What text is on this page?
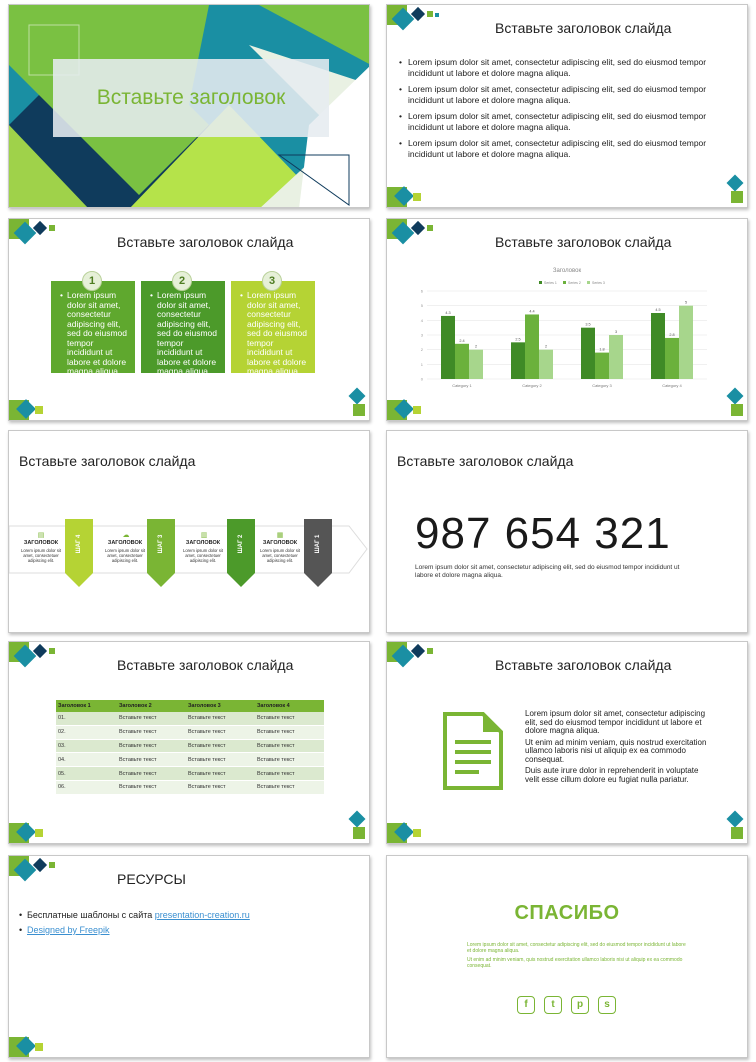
Вставьте заголовок
Вставьте заголовок слайда
• Lorem ipsum dolor sit amet, consectetur adipiscing elit, sed do eiusmod tempor incididunt ut labore et dolore magna aliqua.
• Lorem ipsum dolor sit amet, consectetur adipiscing elit, sed do eiusmod tempor incididunt ut labore et dolore magna aliqua.
• Lorem ipsum dolor sit amet, consectetur adipiscing elit, sed do eiusmod tempor incididunt ut labore et dolore magna aliqua.
• Lorem ipsum dolor sit amet, consectetur adipiscing elit, sed do eiusmod tempor incididunt ut labore et dolore magna aliqua.
Вставьте заголовок слайда
1
• Lorem ipsum dolor sit amet, consectetur adipiscing elit, sed do eiusmod tempor incididunt ut labore et dolore magna aliqua.
2
• Lorem ipsum dolor sit amet, consectetur adipiscing elit, sed do eiusmod tempor incididunt ut labore et dolore magna aliqua.
3
• Lorem ipsum dolor sit amet, consectetur adipiscing elit, sed do eiusmod tempor incididunt ut labore et dolore magna aliqua.
Вставьте заголовок слайда
Заголовок
Series 1	Series 2	Series 3
0
1
2
3
4
5
6
4.3
2.4
2
Category 1
2.5
4.4
2
Category 2
3.5
1.8
3
Category 3
4.5
2.8
5
Category 4
Вставьте заголовок слайда
ШАГ 4	ШАГ 3	ШАГ 2	ШАГ 1
▤	☁	▥	▦
ЗАГОЛОВОК
Lorem ipsum dolor sit amet, consectetuer adipiscing elit.
ЗАГОЛОВОК
Lorem ipsum dolor sit amet, consectetuer adipiscing elit.
ЗАГОЛОВОК
Lorem ipsum dolor sit amet, consectetuer adipiscing elit.
ЗАГОЛОВОК
Lorem ipsum dolor sit amet, consectetuer adipiscing elit.
Вставьте заголовок слайда
987 654 321
Lorem ipsum dolor sit amet, consectetur adipiscing elit, sed do eiusmod tempor incididunt ut labore et dolore magna aliqua.
Вставьте заголовок слайда
Заголовок 1	Заголовок 2	Заголовок 3	Заголовок 4
01.	Вставьте текст	Вставьте текст	Вставьте текст
02.	Вставьте текст	Вставьте текст	Вставьте текст
03.	Вставьте текст	Вставьте текст	Вставьте текст
04.	Вставьте текст	Вставьте текст	Вставьте текст
05.	Вставьте текст	Вставьте текст	Вставьте текст
06.	Вставьте текст	Вставьте текст	Вставьте текст
Вставьте заголовок слайда

Lorem ipsum dolor sit amet, consectetur adipiscing elit, sed do eiusmod tempor incididunt ut labore et dolore magna aliqua.

Ut enim ad minim veniam, quis nostrud exercitation ullamco laboris nisi ut aliquip ex ea commodo consequat.

Duis aute irure dolor in reprehenderit in voluptate velit esse cillum dolore eu fugiat nulla pariatur.

РЕСУРСЫ
• Бесплатные шаблоны с сайта presentation-creation.ru
• Designed by Freepik
СПАСИБО

Lorem ipsum dolor sit amet, consectetur adipiscing elit, sed do eiusmod tempor incididunt ut labore et dolore magna aliqua.

Ut enim ad minim veniam, quis nostrud exercitation ullamco laboris nisi ut aliquip ex ea commodo consequat.

f	t	p	s
